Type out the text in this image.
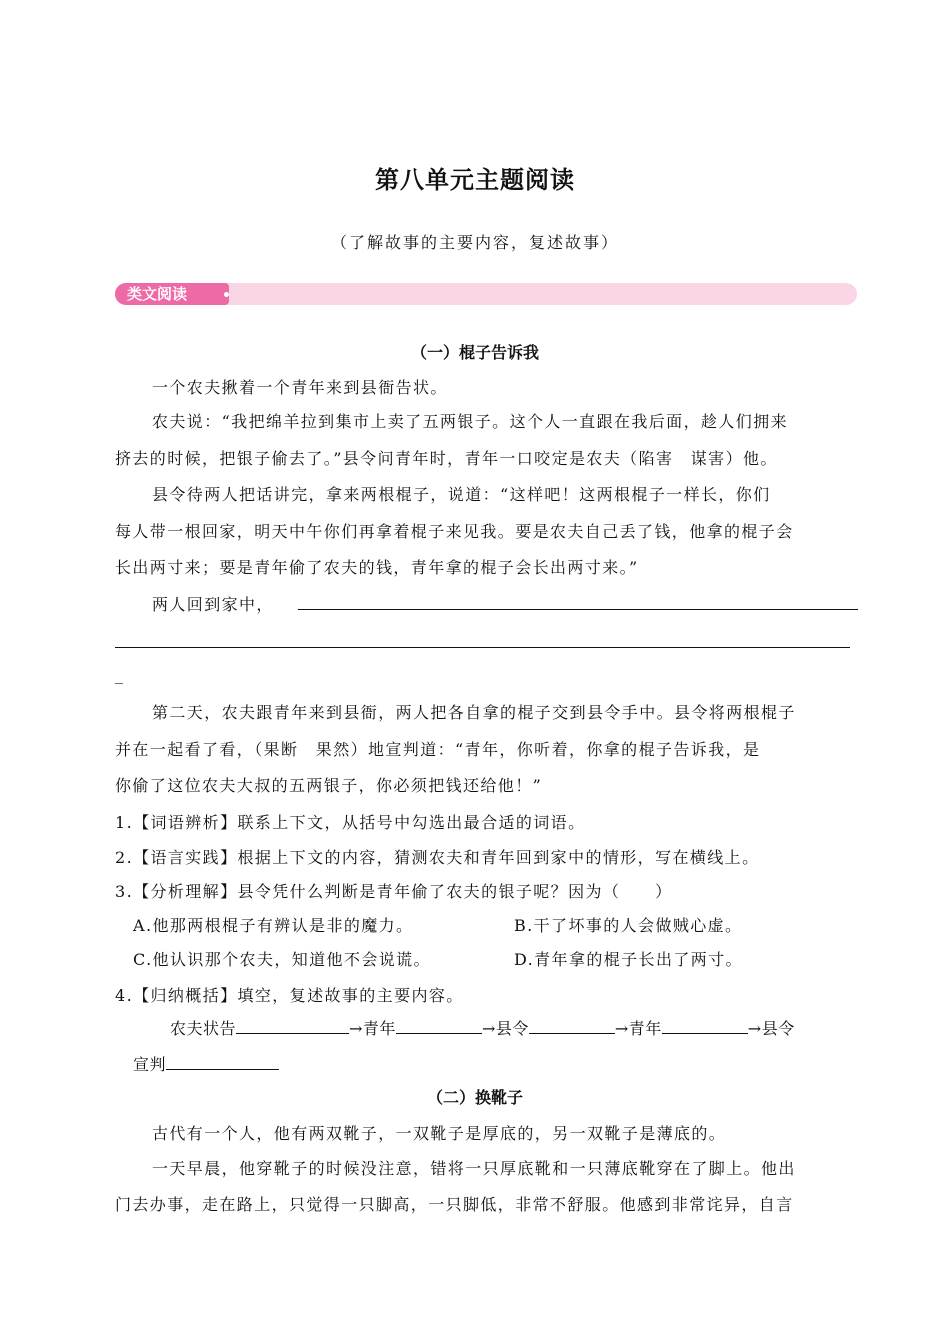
第八单元主题阅读
（了解故事的主要内容，复述故事）
类文阅读
（一）棍子告诉我
一个农夫揪着一个青年来到县衙告状。
农夫说：“我把绵羊拉到集市上卖了五两银子。这个人一直跟在我后面，趁人们拥来
挤去的时候，把银子偷去了。”县令问青年时，青年一口咬定是农夫（陷害　谋害）他。
县令待两人把话讲完，拿来两根棍子，说道：“这样吧！这两根棍子一样长，你们
每人带一根回家，明天中午你们再拿着棍子来见我。要是农夫自己丢了钱，他拿的棍子会
长出两寸来；要是青年偷了农夫的钱，青年拿的棍子会长出两寸来。”
两人回到家中，
_
第二天，农夫跟青年来到县衙，两人把各自拿的棍子交到县令手中。县令将两根棍子
并在一起看了看，（果断　果然）地宣判道：“青年，你听着，你拿的棍子告诉我，是
你偷了这位农夫大叔的五两银子，你必须把钱还给他！”
1.【词语辨析】联系上下文，从括号中勾选出最合适的词语。
2.【语言实践】根据上下文的内容，猜测农夫和青年回到家中的情形，写在横线上。
3.【分析理解】县令凭什么判断是青年偷了农夫的银子呢？因为（　　）
A.他那两根棍子有辨认是非的魔力。	B.干了坏事的人会做贼心虚。
C.他认识那个农夫，知道他不会说谎。	D.青年拿的棍子长出了两寸。
4.【归纳概括】填空，复述故事的主要内容。
农夫状告	→青年	→县令	→青年	→县令
宣判
（二）换靴子
古代有一个人，他有两双靴子，一双靴子是厚底的，另一双靴子是薄底的。
一天早晨，他穿靴子的时候没注意，错将一只厚底靴和一只薄底靴穿在了脚上。他出
门去办事，走在路上，只觉得一只脚高，一只脚低，非常不舒服。他感到非常诧异，自言
